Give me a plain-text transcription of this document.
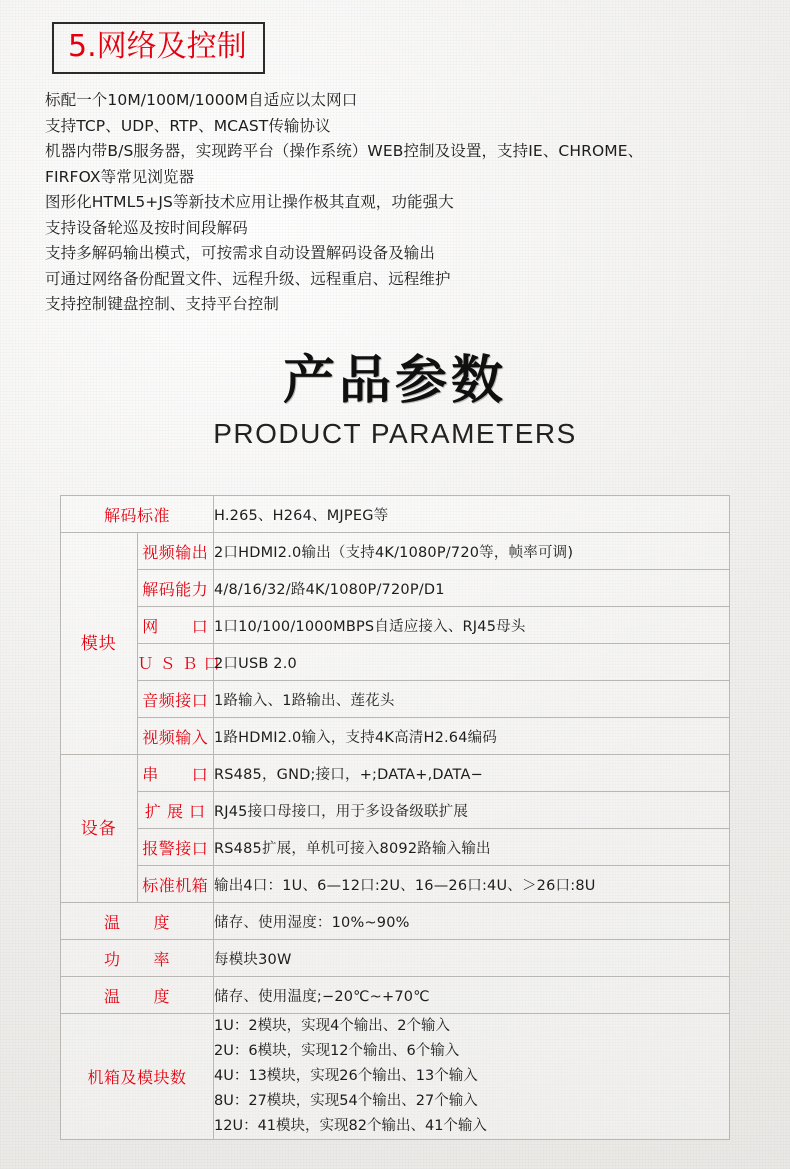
5.网络及控制
标配一个10M/100M/1000M自适应以太网口
支持TCP、UDP、RTP、MCAST传输协议
机器内带B/S服务器，实现跨平台（操作系统）WEB控制及设置，支持IE、CHROME、
FIRFOX等常见浏览器
图形化HTML5+JS等新技术应用让操作极其直观，功能强大
支持设备轮巡及按时间段解码
支持多解码输出模式，可按需求自动设置解码设备及输出
可通过网络备份配置文件、远程升级、远程重启、远程维护
支持控制键盘控制、支持平台控制
产品参数
PRODUCT PARAMETERS
解码标准		H.265、H264、MJPEG等
模块	视频输出	2口HDMI2.0输出（支持4K/1080P/720等，帧率可调)
	解码能力	4/8/16/32/路4K/1080P/720P/D1
	网　　口	1口10/100/1000MBPS自适应接入、RJ45母头
	Ｕ Ｓ Ｂ 口	2口USB 2.0
	音频接口	1路输入、1路输出、莲花头
	视频输入	1路HDMI2.0输入，支持4K高清H2.64编码
设备	串　　口	RS485，GND;接口，+;DATA+,DATA−
	扩 展 口	RJ45接口母接口，用于多设备级联扩展
	报警接口	RS485扩展，单机可接入8092路输入输出
	标准机箱	输出4口：1U、6—12口:2U、16—26口:4U、＞26口:8U
温　　度		储存、使用湿度：10%~90%
功　　率		每模块30W
温　　度		储存、使用温度;−20℃~+70℃
机箱及模块数		1U：2模块，实现4个输出、2个输入
2U：6模块，实现12个输出、6个输入
4U：13模块，实现26个输出、13个输入
8U：27模块，实现54个输出、27个输入
12U：41模块，实现82个输出、41个输入
